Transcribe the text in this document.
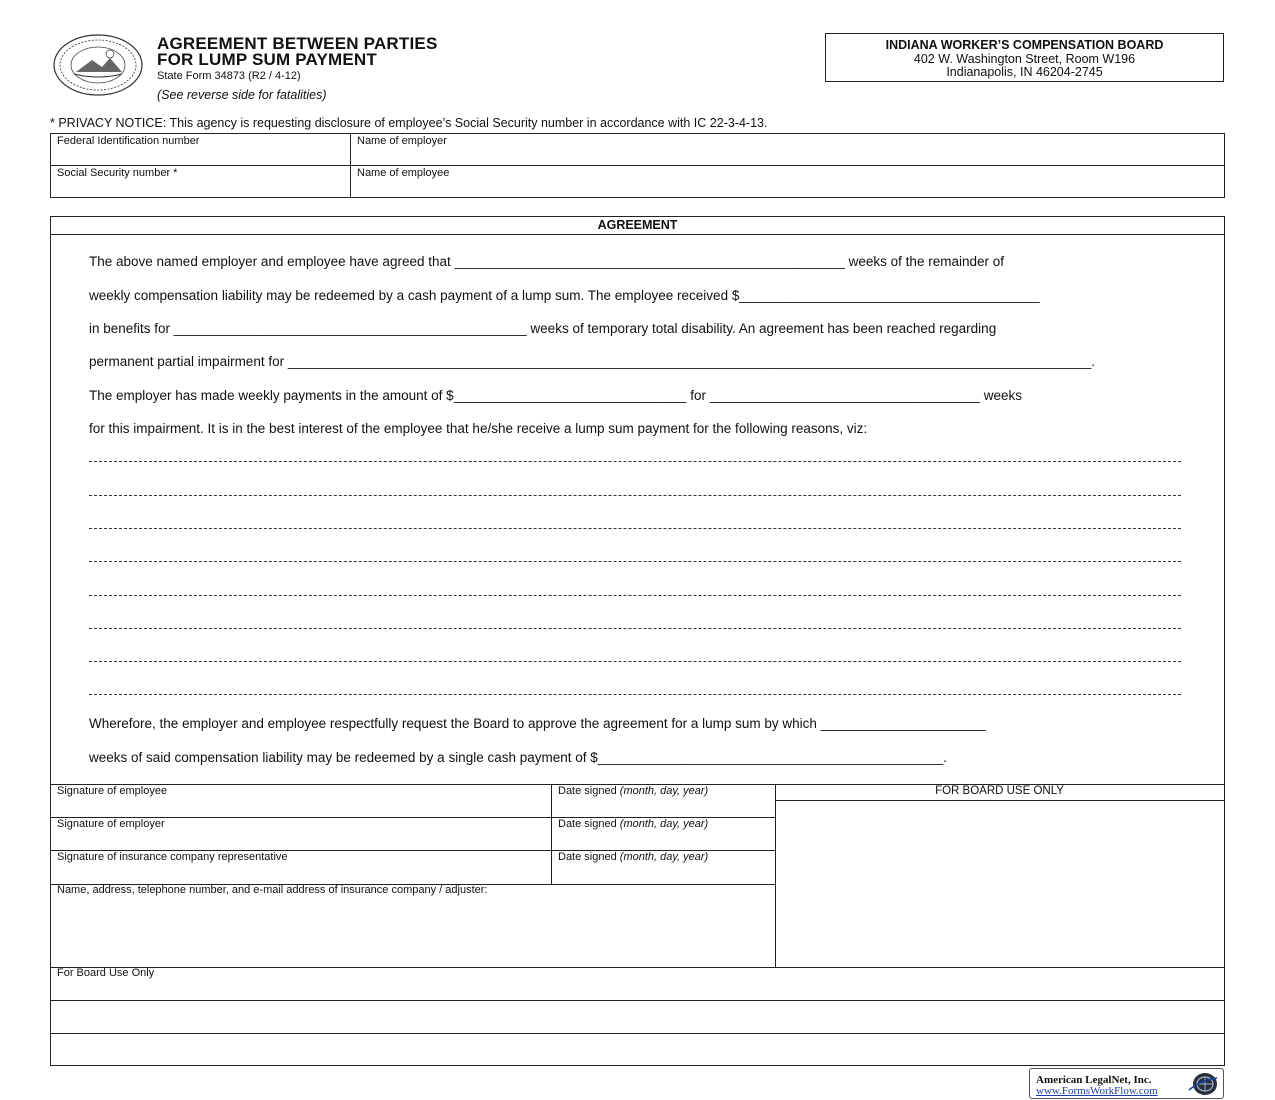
AGREEMENT BETWEEN PARTIES
FOR LUMP SUM PAYMENT
State Form 34873 (R2 / 4-12)
(See reverse side for fatalities)
INDIANA WORKER’S COMPENSATION BOARD
402 W. Washington Street, Room W196
Indianapolis, IN 46204-2745
* PRIVACY NOTICE: This agency is requesting disclosure of employee’s Social Security number in accordance with IC 22-3-4-13.
Federal Identification number	Name of employer
Social Security number *	Name of employee
AGREEMENT
The above named employer and employee have agreed that ____________________________________________________ weeks of the remainder of
weekly compensation liability may be redeemed by a cash payment of a lump sum. The employee received $________________________________________
in benefits for _______________________________________________ weeks of temporary total disability. An agreement has been reached regarding
permanent partial impairment for ___________________________________________________________________________________________________________.
The employer has made weekly payments in the amount of $_______________________________ for ____________________________________ weeks
for this impairment. It is in the best interest of the employee that he/she receive a lump sum payment for the following reasons, viz:
Wherefore, the employer and employee respectfully request the Board to approve the agreement for a lump sum by which ______________________
weeks of said compensation liability may be redeemed by a single cash payment of $______________________________________________.
Signature of employee	Date signed (month, day, year)
Signature of employer	Date signed (month, day, year)
Signature of insurance company representative	Date signed (month, day, year)
Name, address, telephone number, and e-mail address of insurance company / adjuster:
FOR BOARD USE ONLY
For Board Use Only
American LegalNet, Inc.
www.FormsWorkFlow.com
